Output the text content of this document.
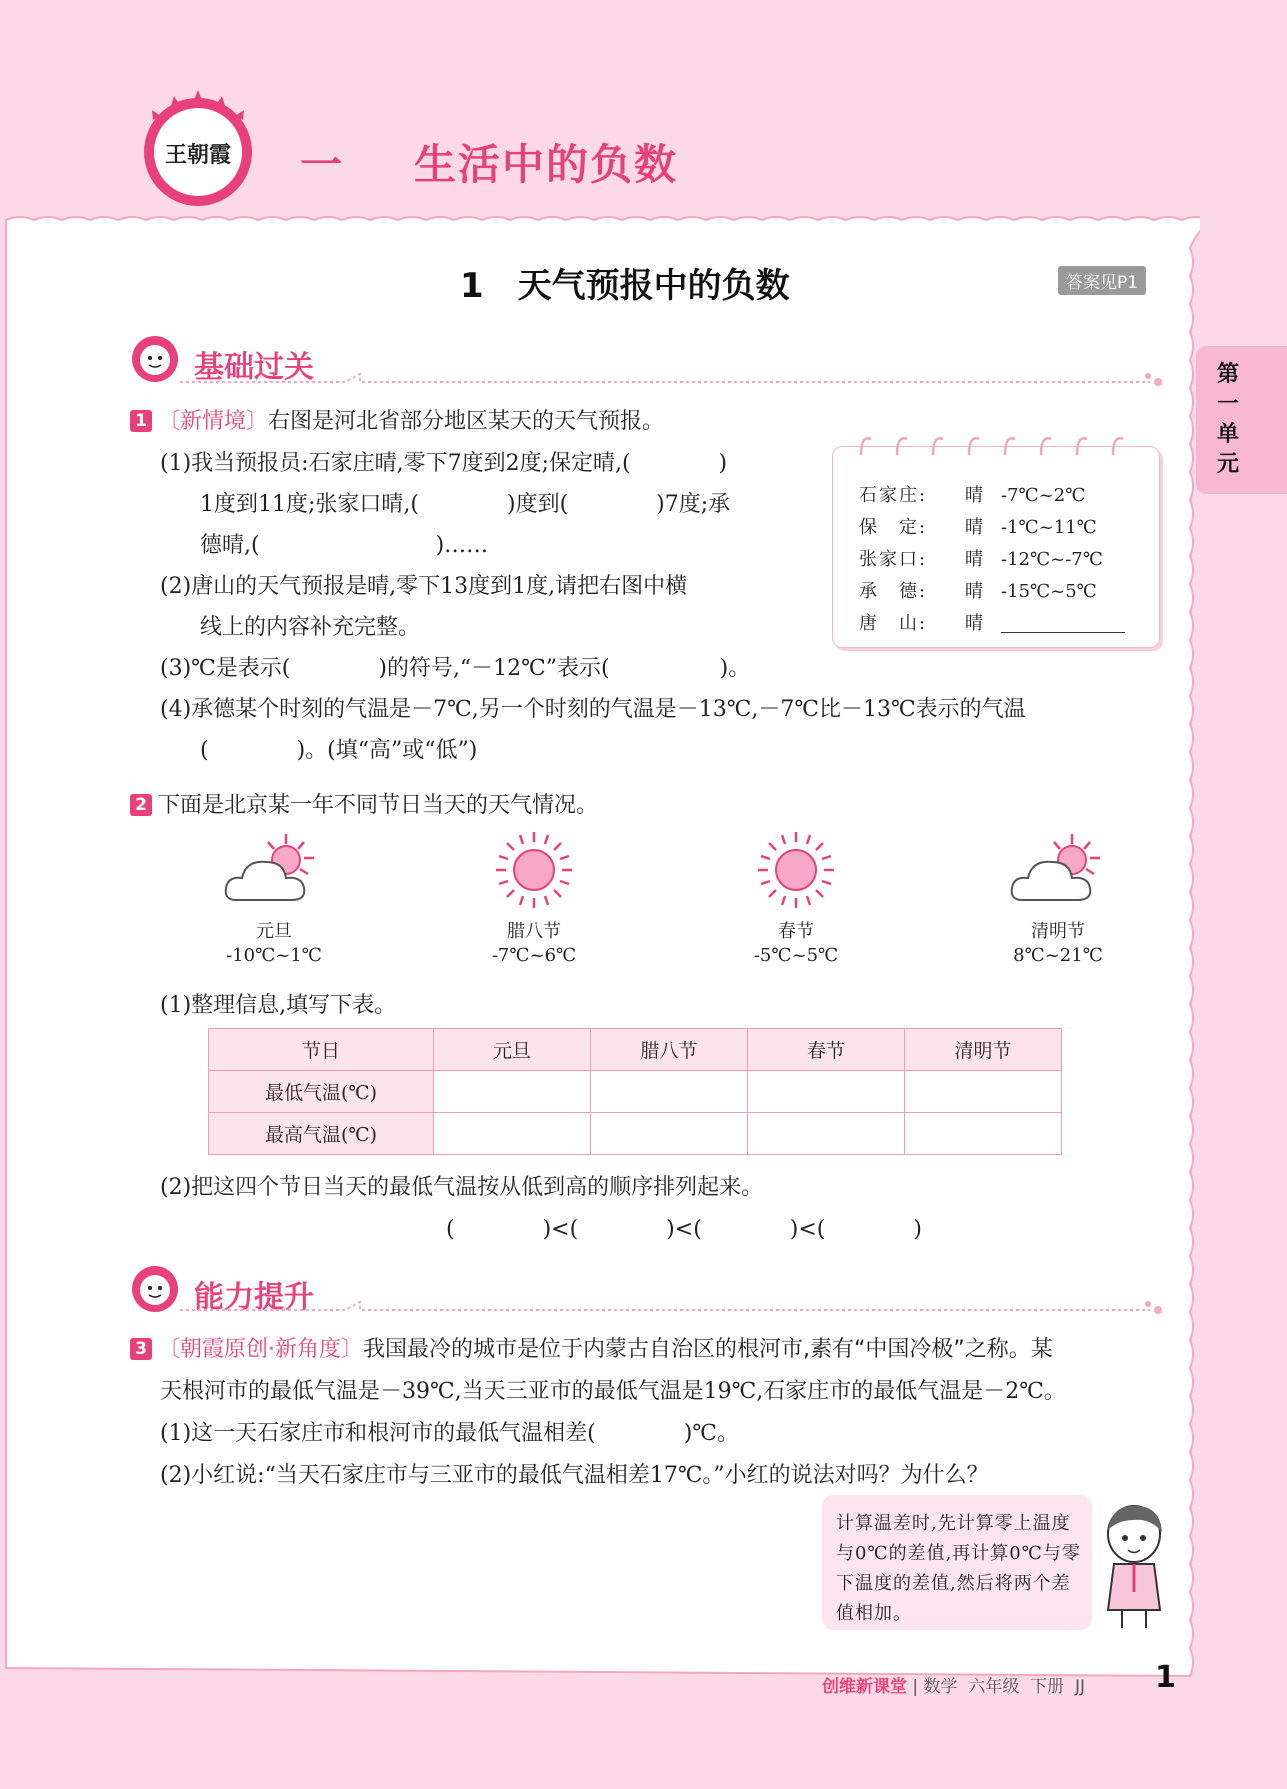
王朝霞 一 生活中的负数
1　天气预报中的负数	答案见P1
第一单元
基础过关
1 〔新情境〕右图是河北省部分地区某天的天气预报。
(1)我当预报员:石家庄晴,零下7度到2度;保定晴,(　　　　)
1度到11度;张家口晴,(　　　　)度到(　　　　)7度;承
德晴,(　　　　　　　　)……
(2)唐山的天气预报是晴,零下13度到1度,请把右图中横
线上的内容补充完整。
(3)℃是表示(　　　　)的符号,“－12℃”表示(　　　　　)。
(4)承德某个时刻的气温是－7℃,另一个时刻的气温是－13℃,－7℃比－13℃表示的气温
(　　　　)。(填“高”或“低”)
石家庄: 晴 -7℃~2℃
保　定: 晴 -1℃~11℃
张家口: 晴 -12℃~-7℃
承　德: 晴 -15℃~5℃
唐　山: 晴
2 下面是北京某一年不同节日当天的天气情况。
元旦
-10℃~1℃
腊八节
-7℃~6℃
春节
-5℃~5℃
清明节
8℃~21℃
(1)整理信息,填写下表。
节日	元旦	腊八节	春节	清明节
最低气温(℃)				
最高气温(℃)				
(2)把这四个节日当天的最低气温按从低到高的顺序排列起来。
(　　　　)<(　　　　)<(　　　　)<(　　　　)
能力提升
3 〔朝霞原创·新角度〕我国最冷的城市是位于内蒙古自治区的根河市,素有“中国冷极”之称。某
天根河市的最低气温是－39℃,当天三亚市的最低气温是19℃,石家庄市的最低气温是－2℃。
(1)这一天石家庄市和根河市的最低气温相差(　　　　)℃。
(2)小红说:“当天石家庄市与三亚市的最低气温相差17℃。”小红的说法对吗？为什么？
计算温差时,先计算零上温度与0℃的差值,再计算0℃与零下温度的差值,然后将两个差值相加。
创维新课堂 | 数学 六年级 下册 JJ 1
